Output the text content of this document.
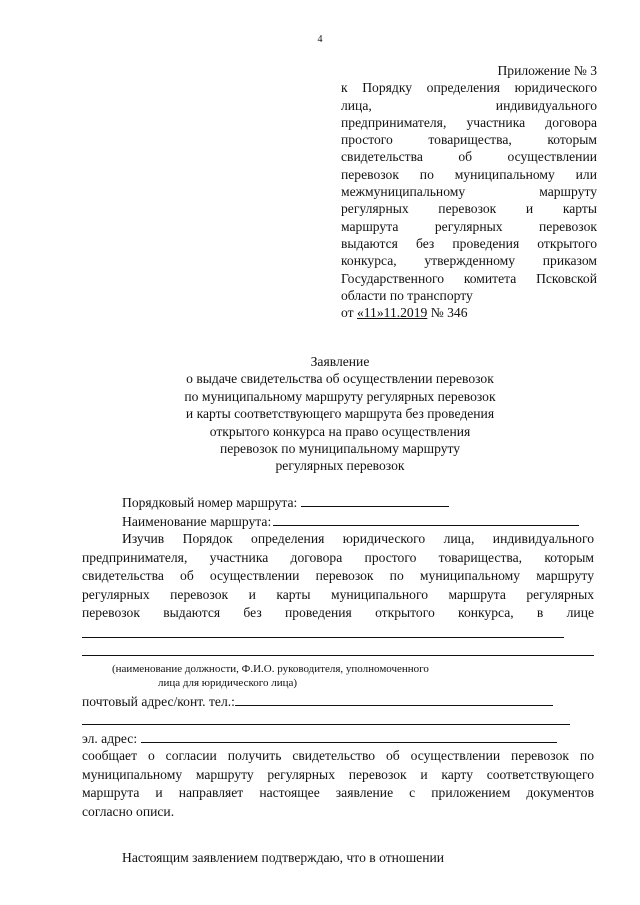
4
Приложение № 3
к Порядку определения юридического
лица, индивидуального
предпринимателя, участника договора
простого товарищества, которым
свидетельства об осуществлении
перевозок по муниципальному или
межмуниципальному маршруту
регулярных перевозок и карты
маршрута регулярных перевозок
выдаются без проведения открытого
конкурса, утвержденному приказом
Государственного комитета Псковской
области по транспорту
от «11»11.2019 № 346
Заявление
о выдаче свидетельства об осуществлении перевозок
по муниципальному маршруту регулярных перевозок
и карты соответствующего маршрута без проведения
открытого конкурса на право осуществления
перевозок по муниципальному маршруту
регулярных перевозок
Порядковый номер маршрута:
Наименование маршрута:
Изучив Порядок определения юридического лица, индивидуального
предпринимателя, участника договора простого товарищества, которым
свидетельства об осуществлении перевозок по муниципальному маршруту
регулярных перевозок и карты муниципального маршрута регулярных
перевозок выдаются без проведения открытого конкурса, в лице
(наименование должности, Ф.И.О. руководителя, уполномоченного
лица для юридического лица)
почтовый адрес/конт. тел.:
эл. адрес:
сообщает о согласии получить свидетельство об осуществлении перевозок по
муниципальному маршруту регулярных перевозок и карту соответствующего
маршрута и направляет настоящее заявление с приложением документов
согласно описи.
Настоящим заявлением подтверждаю, что в отношении
